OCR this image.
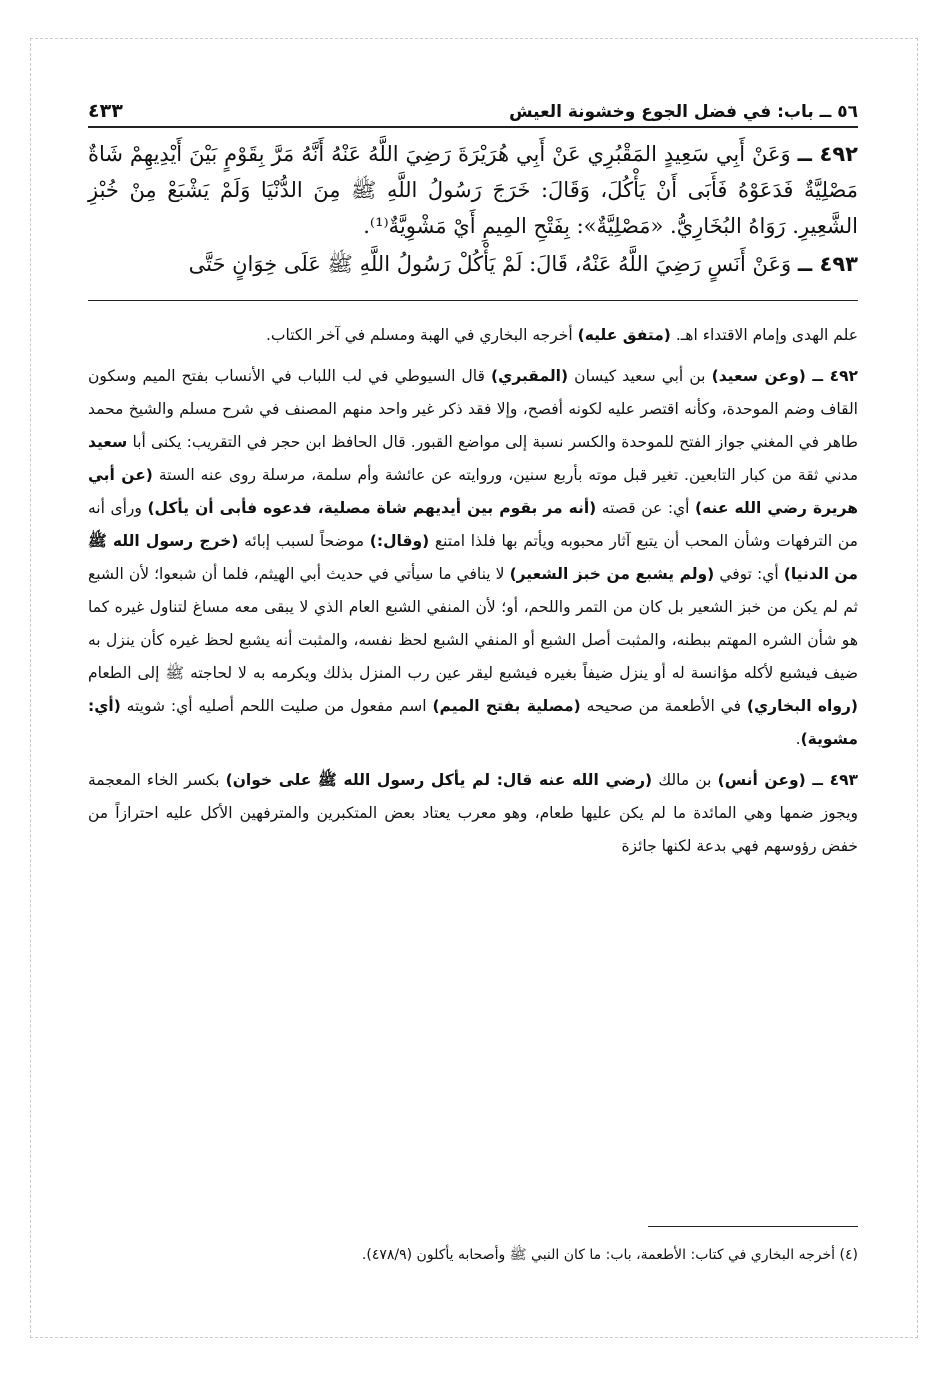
٥٦ ــ باب: في فضل الجوع وخشونة العيش
٤٣٣

٤٩٢ ــ وَعَنْ أَبِي سَعِيدٍ المَقْبُرِي عَنْ أَبِي هُرَيْرَةَ رَضِيَ اللَّهُ عَنْهُ أَنَّهُ مَرَّ بِقَوْمٍ بَيْنَ أَيْدِيهِمْ شَاةٌ مَصْلِيَّةٌ فَدَعَوْهُ فَأَبَى أَنْ يَأْكُلَ، وَقَالَ: خَرَجَ رَسُولُ اللَّهِ ﷺ مِنَ الدُّنْيَا وَلَمْ يَشْبَعْ مِنْ خُبْزِ الشَّعِيرِ. رَوَاهُ البُخَارِيُّ. «مَصْلِيَّةٌ»: بِفَتْحِ المِيمِ أَيْ مَشْوِيَّةٌ⁽¹⁾.

٤٩٣ ــ وَعَنْ أَنَسٍ رَضِيَ اللَّهُ عَنْهُ، قَالَ: لَمْ يَأْكُلْ رَسُولُ اللَّهِ ﷺ عَلَى خِوَانٍ حَتَّى

علم الهدى وإمام الاقتداء اهـ. (متفق عليه) أخرجه البخاري في الهبة ومسلم في آخر الكتاب.

٤٩٢ ــ (وعن سعيد) بن أبي سعيد كيسان (المقبري) قال السيوطي في لب اللباب في الأنساب بفتح الميم وسكون القاف وضم الموحدة، وكأنه اقتصر عليه لكونه أفصح، وإلا فقد ذكر غير واحد منهم المصنف في شرح مسلم والشيخ محمد طاهر في المغني جواز الفتح للموحدة والكسر نسبة إلى مواضع القبور. قال الحافظ ابن حجر في التقريب: يكنى أبا سعيد مدني ثقة من كبار التابعين. تغير قبل موته بأربع سنين، وروايته عن عائشة وأم سلمة، مرسلة روى عنه الستة (عن أبي هريرة رضي الله عنه) أي: عن قصته (أنه مر بقوم بين أيديهم شاة مصلية، فدعوه فأبى أن يأكل) ورأى أنه من الترفهات وشأن المحب أن يتبع آثار محبوبه ويأتم بها فلذا امتنع (وقال:) موضحاً لسبب إبائه (خرج رسول الله ﷺ من الدنيا) أي: توفي (ولم يشبع من خبز الشعير) لا ينافي ما سيأتي في حديث أبي الهيثم، فلما أن شبعوا؛ لأن الشبع ثم لم يكن من خبز الشعير بل كان من التمر واللحم، أو؛ لأن المنفي الشبع العام الذي لا يبقى معه مساغ لتناول غيره كما هو شأن الشره المهتم ببطنه، والمثبت أصل الشبع أو المنفي الشبع لحظ نفسه، والمثبت أنه يشبع لحظ غيره كأن ينزل به ضيف فيشبع لأكله مؤانسة له أو ينزل ضيفاً بغيره فيشبع ليقر عين رب المنزل بذلك ويكرمه به لا لحاجته ﷺ إلى الطعام (رواه البخاري) في الأطعمة من صحيحه (مصلية بفتح الميم) اسم مفعول من صليت اللحم أصليه أي: شويته (أي: مشوية).

٤٩٣ ــ (وعن أنس) بن مالك (رضي الله عنه قال: لم يأكل رسول الله ﷺ على خوان) بكسر الخاء المعجمة ويجوز ضمها وهي المائدة ما لم يكن عليها طعام، وهو معرب يعتاد بعض المتكبرين والمترفهين الأكل عليه احترازاً من خفض رؤوسهم فهي بدعة لكنها جائزة

(٤) أخرجه البخاري في كتاب: الأطعمة، باب: ما كان النبي ﷺ وأصحابه يأكلون (٤٧٨/٩).
